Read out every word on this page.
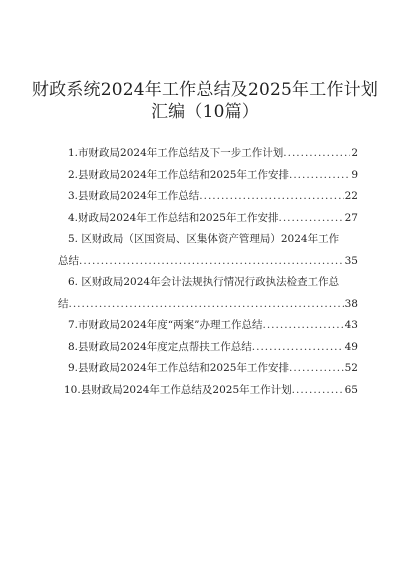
财政系统2024年工作总结及2025年工作计划
汇编（10篇）
1. 市财政局2024年工作总结及下一步工作计划 .....	2
2. 县财政局2024年工作总结和2025年工作安排 .....	9
3. 县财政局2024年工作总结 .....	22
4. 财政局2024年工作总结和2025年工作安排 .....	27
5. 区财政局（区国资局、区集体资产管理局）2024年工作
总结 .....	35
6. 区财政局2024年会计法规执行情况行政执法检查工作总
结 .....	38
7. 市财政局2024年度“两案”办理工作总结 .....	43
8. 县财政局2024年度定点帮扶工作总结 .....	49
9. 县财政局2024年工作总结和2025年工作安排 .....	52
10. 县财政局2024年工作总结及2025年工作计划 .....	65
